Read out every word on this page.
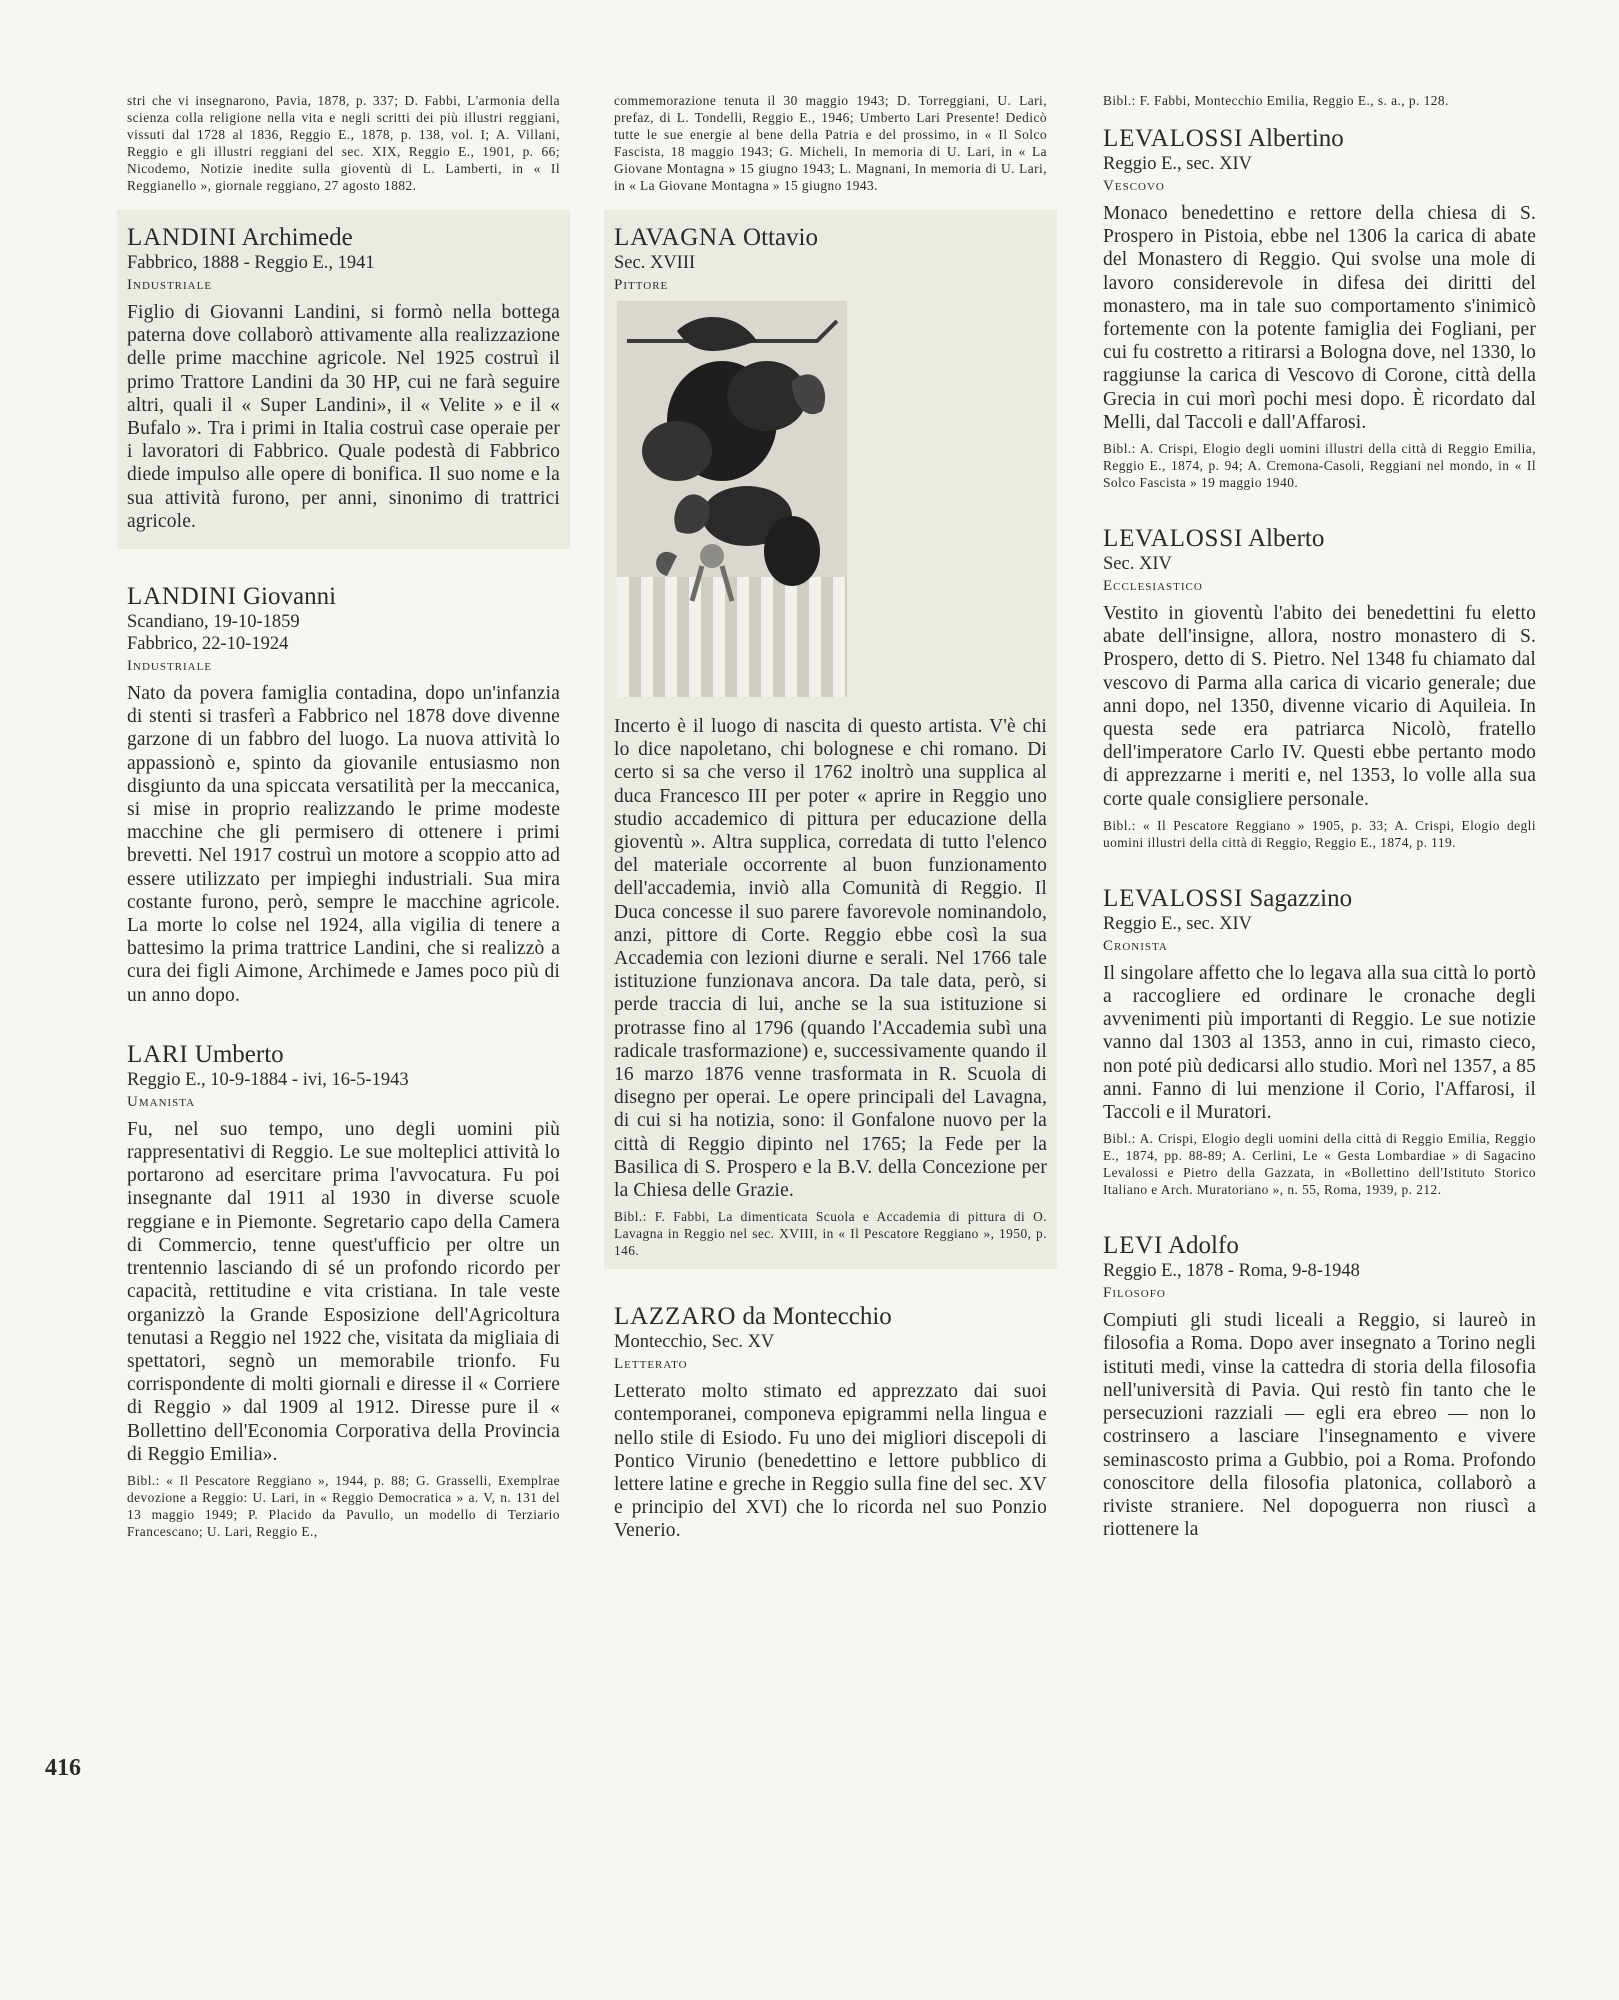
stri che vi insegnarono, Pavia, 1878, p. 337; D. Fabbi, L'armonia della scienza colla religione nella vita e negli scritti dei più illustri reggiani, vissuti dal 1728 al 1836, Reggio E., 1878, p. 138, vol. I; A. Villani, Reggio e gli illustri reggiani del sec. XIX, Reggio E., 1901, p. 66; Nicodemo, Notizie inedite sulla gioventù di L. Lamberti, in « Il Reggianello », giornale reggiano, 27 agosto 1882.

LANDINI Archimede

Fabbrico, 1888 - Reggio E., 1941

Industriale

Figlio di Giovanni Landini, si formò nella bottega paterna dove collaborò attivamente alla realizzazione delle prime macchine agricole. Nel 1925 costruì il primo Trattore Landini da 30 HP, cui ne farà seguire altri, quali il « Super Landini», il « Velite » e il « Bufalo ». Tra i primi in Italia costruì case operaie per i lavoratori di Fabbrico. Quale podestà di Fabbrico diede impulso alle opere di bonifica. Il suo nome e la sua attività furono, per anni, sinonimo di trattrici agricole.

LANDINI Giovanni

Scandiano, 19-10-1859

Fabbrico, 22-10-1924

Industriale

Nato da povera famiglia contadina, dopo un'infanzia di stenti si trasferì a Fabbrico nel 1878 dove divenne garzone di un fabbro del luogo. La nuova attività lo appassionò e, spinto da giovanile entusiasmo non disgiunto da una spiccata versatilità per la meccanica, si mise in proprio realizzando le prime modeste macchine che gli permisero di ottenere i primi brevetti. Nel 1917 costruì un motore a scoppio atto ad essere utilizzato per impieghi industriali. Sua mira costante furono, però, sempre le macchine agricole. La morte lo colse nel 1924, alla vigilia di tenere a battesimo la prima trattrice Landini, che si realizzò a cura dei figli Aimone, Archimede e James poco più di un anno dopo.

LARI Umberto

Reggio E., 10-9-1884 - ivi, 16-5-1943

Umanista

Fu, nel suo tempo, uno degli uomini più rappresentativi di Reggio. Le sue molteplici attività lo portarono ad esercitare prima l'avvocatura. Fu poi insegnante dal 1911 al 1930 in diverse scuole reggiane e in Piemonte. Segretario capo della Camera di Commercio, tenne quest'ufficio per oltre un trentennio lasciando di sé un profondo ricordo per capacità, rettitudine e vita cristiana. In tale veste organizzò la Grande Esposizione dell'Agricoltura tenutasi a Reggio nel 1922 che, visitata da migliaia di spettatori, segnò un memorabile trionfo. Fu corrispondente di molti giornali e diresse il « Corriere di Reggio » dal 1909 al 1912. Diresse pure il « Bollettino dell'Economia Corporativa della Provincia di Reggio Emilia».

Bibl.: « Il Pescatore Reggiano », 1944, p. 88; G. Grasselli, Exemplrae devozione a Reggio: U. Lari, in « Reggio Democratica » a. V, n. 131 del 13 maggio 1949; P. Placido da Pavullo, un modello di Terziario Francescano; U. Lari, Reggio E.,

commemorazione tenuta il 30 maggio 1943; D. Torreggiani, U. Lari, prefaz, di L. Tondelli, Reggio E., 1946; Umberto Lari Presente! Dedicò tutte le sue energie al bene della Patria e del prossimo, in « Il Solco Fascista, 18 maggio 1943; G. Micheli, In memoria di U. Lari, in « La Giovane Montagna » 15 giugno 1943; L. Magnani, In memoria di U. Lari, in « La Giovane Montagna » 15 giugno 1943.

LAVAGNA Ottavio

Sec. XVIII

Pittore

Incerto è il luogo di nascita di questo artista. V'è chi lo dice napoletano, chi bolognese e chi romano. Di certo si sa che verso il 1762 inoltrò una supplica al duca Francesco III per poter « aprire in Reggio uno studio accademico di pittura per educazione della gioventù ». Altra supplica, corredata di tutto l'elenco del materiale occorrente al buon funzionamento dell'accademia, inviò alla Comunità di Reggio. Il Duca concesse il suo parere favorevole nominandolo, anzi, pittore di Corte. Reggio ebbe così la sua Accademia con lezioni diurne e serali. Nel 1766 tale istituzione funzionava ancora. Da tale data, però, si perde traccia di lui, anche se la sua istituzione si protrasse fino al 1796 (quando l'Accademia subì una radicale trasformazione) e, successivamente quando il 16 marzo 1876 venne trasformata in R. Scuola di disegno per operai. Le opere principali del Lavagna, di cui si ha notizia, sono: il Gonfalone nuovo per la città di Reggio dipinto nel 1765; la Fede per la Basilica di S. Prospero e la B.V. della Concezione per la Chiesa delle Grazie.

Bibl.: F. Fabbi, La dimenticata Scuola e Accademia di pittura di O. Lavagna in Reggio nel sec. XVIII, in « Il Pescatore Reggiano », 1950, p. 146.

LAZZARO da Montecchio

Montecchio, Sec. XV

Letterato

Letterato molto stimato ed apprezzato dai suoi contemporanei, componeva epigrammi nella lingua e nello stile di Esiodo. Fu uno dei migliori discepoli di Pontico Virunio (benedettino e lettore pubblico di lettere latine e greche in Reggio sulla fine del sec. XV e principio del XVI) che lo ricorda nel suo Ponzio Venerio.

Bibl.: F. Fabbi, Montecchio Emilia, Reggio E., s. a., p. 128.

LEVALOSSI Albertino

Reggio E., sec. XIV

Vescovo

Monaco benedettino e rettore della chiesa di S. Prospero in Pistoia, ebbe nel 1306 la carica di abate del Monastero di Reggio. Qui svolse una mole di lavoro considerevole in difesa dei diritti del monastero, ma in tale suo comportamento s'inimicò fortemente con la potente famiglia dei Fogliani, per cui fu costretto a ritirarsi a Bologna dove, nel 1330, lo raggiunse la carica di Vescovo di Corone, città della Grecia in cui morì pochi mesi dopo. È ricordato dal Melli, dal Taccoli e dall'Affarosi.

Bibl.: A. Crispi, Elogio degli uomini illustri della città di Reggio Emilia, Reggio E., 1874, p. 94; A. Cremona-Casoli, Reggiani nel mondo, in « Il Solco Fascista » 19 maggio 1940.

LEVALOSSI Alberto

Sec. XIV

Ecclesiastico

Vestito in gioventù l'abito dei benedettini fu eletto abate dell'insigne, allora, nostro monastero di S. Prospero, detto di S. Pietro. Nel 1348 fu chiamato dal vescovo di Parma alla carica di vicario generale; due anni dopo, nel 1350, divenne vicario di Aquileia. In questa sede era patriarca Nicolò, fratello dell'imperatore Carlo IV. Questi ebbe pertanto modo di apprezzarne i meriti e, nel 1353, lo volle alla sua corte quale consigliere personale.

Bibl.: « Il Pescatore Reggiano » 1905, p. 33; A. Crispi, Elogio degli uomini illustri della città di Reggio, Reggio E., 1874, p. 119.

LEVALOSSI Sagazzino

Reggio E., sec. XIV

Cronista

Il singolare affetto che lo legava alla sua città lo portò a raccogliere ed ordinare le cronache degli avvenimenti più importanti di Reggio. Le sue notizie vanno dal 1303 al 1353, anno in cui, rimasto cieco, non poté più dedicarsi allo studio. Morì nel 1357, a 85 anni. Fanno di lui menzione il Corio, l'Affarosi, il Taccoli e il Muratori.

Bibl.: A. Crispi, Elogio degli uomini della città di Reggio Emilia, Reggio E., 1874, pp. 88-89; A. Cerlini, Le « Gesta Lombardiae » di Sagacino Levalossi e Pietro della Gazzata, in «Bollettino dell'Istituto Storico Italiano e Arch. Muratoriano », n. 55, Roma, 1939, p. 212.

LEVI Adolfo

Reggio E., 1878 - Roma, 9-8-1948

Filosofo

Compiuti gli studi liceali a Reggio, si laureò in filosofia a Roma. Dopo aver insegnato a Torino negli istituti medi, vinse la cattedra di storia della filosofia nell'università di Pavia. Qui restò fin tanto che le persecuzioni razziali — egli era ebreo — non lo costrinsero a lasciare l'insegnamento e vivere seminascosto prima a Gubbio, poi a Roma. Profondo conoscitore della filosofia platonica, collaborò a riviste straniere. Nel dopoguerra non riuscì a riottenere la

416
